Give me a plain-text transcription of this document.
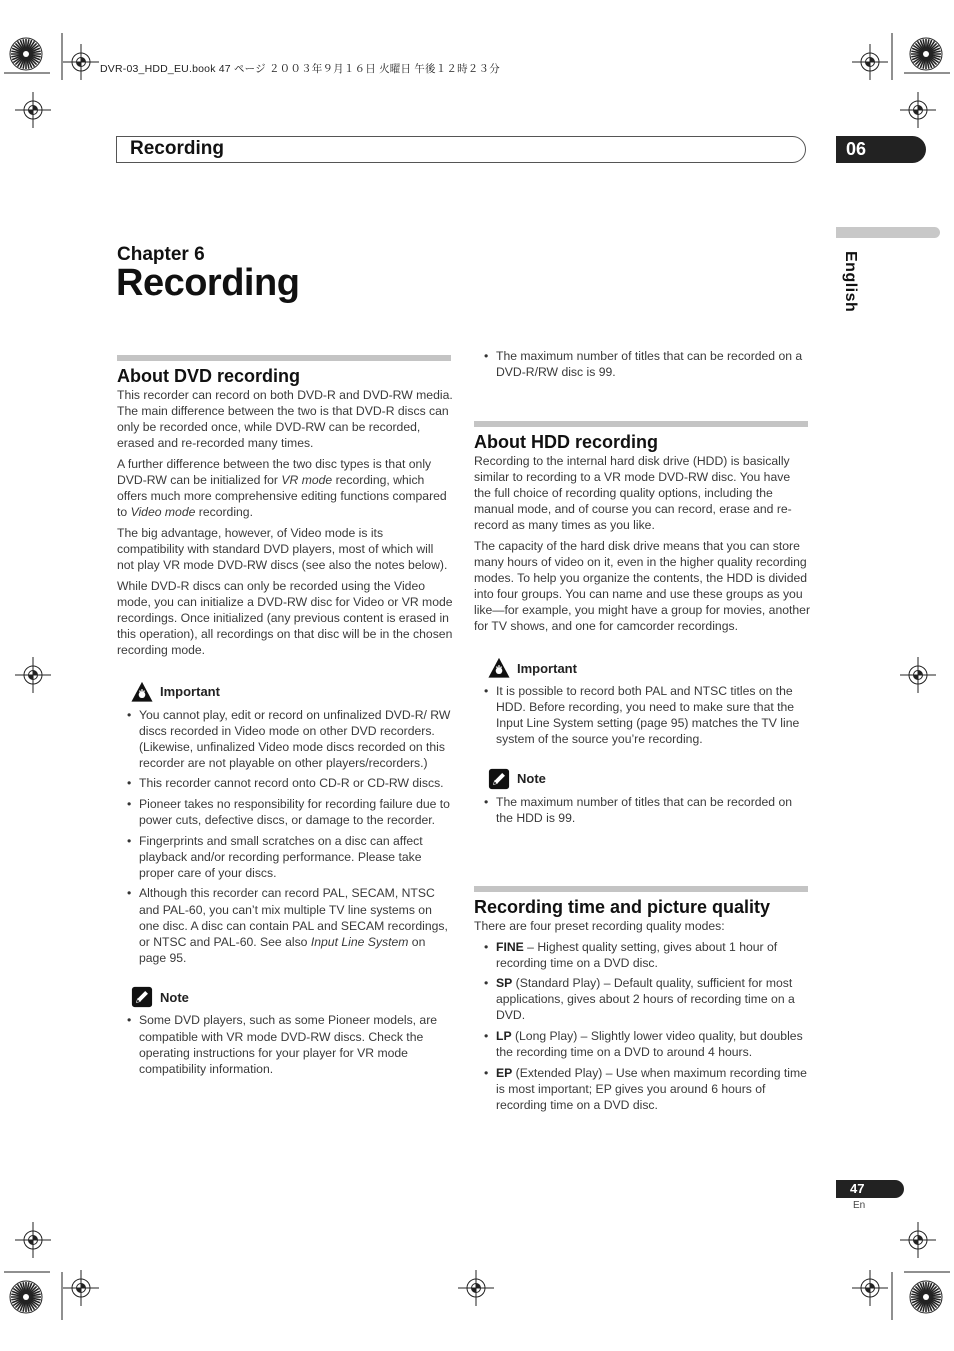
DVR-03_HDD_EU.book 47 ページ ２００３年９月１６日 火曜日 午後１２時２３分
Recording	06
English
Chapter 6
Recording
About DVD recording

This recorder can record on both DVD-R and DVD-RW media. The main difference between the two is that DVD-R discs can only be recorded once, while DVD-RW can be recorded, erased and re-recorded many times.

A further difference between the two disc types is that only DVD-RW can be initialized for VR mode recording, which offers much more comprehensive editing functions compared to Video mode recording.

The big advantage, however, of Video mode is its compatibility with standard DVD players, most of which will not play VR mode DVD-RW discs (see also the notes below).

While DVD-R discs can only be recorded using the Video mode, you can initialize a DVD-RW disc for Video or VR mode recordings. Once initialized (any previous content is erased in this operation), all recordings on that disc will be in the chosen recording mode.

Important
• You cannot play, edit or record on unfinalized DVD-R/ RW discs recorded in Video mode on other DVD recorders. (Likewise, unfinalized Video mode discs recorded on this recorder are not playable on other players/recorders.)
• This recorder cannot record onto CD-R or CD-RW discs.
• Pioneer takes no responsibility for recording failure due to power cuts, defective discs, or damage to the recorder.
• Fingerprints and small scratches on a disc can affect playback and/or recording performance. Please take proper care of your discs.
• Although this recorder can record PAL, SECAM, NTSC and PAL-60, you can’t mix multiple TV line systems on one disc. A disc can contain PAL and SECAM recordings, or NTSC and PAL-60. See also Input Line System on page 95.
Note
• Some DVD players, such as some Pioneer models, are compatible with VR mode DVD-RW discs. Check the operating instructions for your player for VR mode compatibility information.
• The maximum number of titles that can be recorded on a DVD-R/RW disc is 99.
About HDD recording

Recording to the internal hard disk drive (HDD) is basically similar to recording to a VR mode DVD-RW disc. You have the full choice of recording quality options, including the manual mode, and of course you can record, erase and re-record as many times as you like.

The capacity of the hard disk drive means that you can store many hours of video on it, even in the higher quality recording modes. To help you organize the contents, the HDD is divided into four groups. You can name and use these groups as you like—for example, you might have a group for movies, another for TV shows, and one for camcorder recordings.

Important
• It is possible to record both PAL and NTSC titles on the HDD. Before recording, you need to make sure that the Input Line System setting (page 95) matches the TV line system of the source you’re recording.
Note
• The maximum number of titles that can be recorded on the HDD is 99.
Recording time and picture quality

There are four preset recording quality modes:

• FINE – Highest quality setting, gives about 1 hour of recording time on a DVD disc.
• SP (Standard Play) – Default quality, sufficient for most applications, gives about 2 hours of recording time on a DVD.
• LP (Long Play) – Slightly lower video quality, but doubles the recording time on a DVD to around 4 hours.
• EP (Extended Play) – Use when maximum recording time is most important; EP gives you around 6 hours of recording time on a DVD disc.
47
En
